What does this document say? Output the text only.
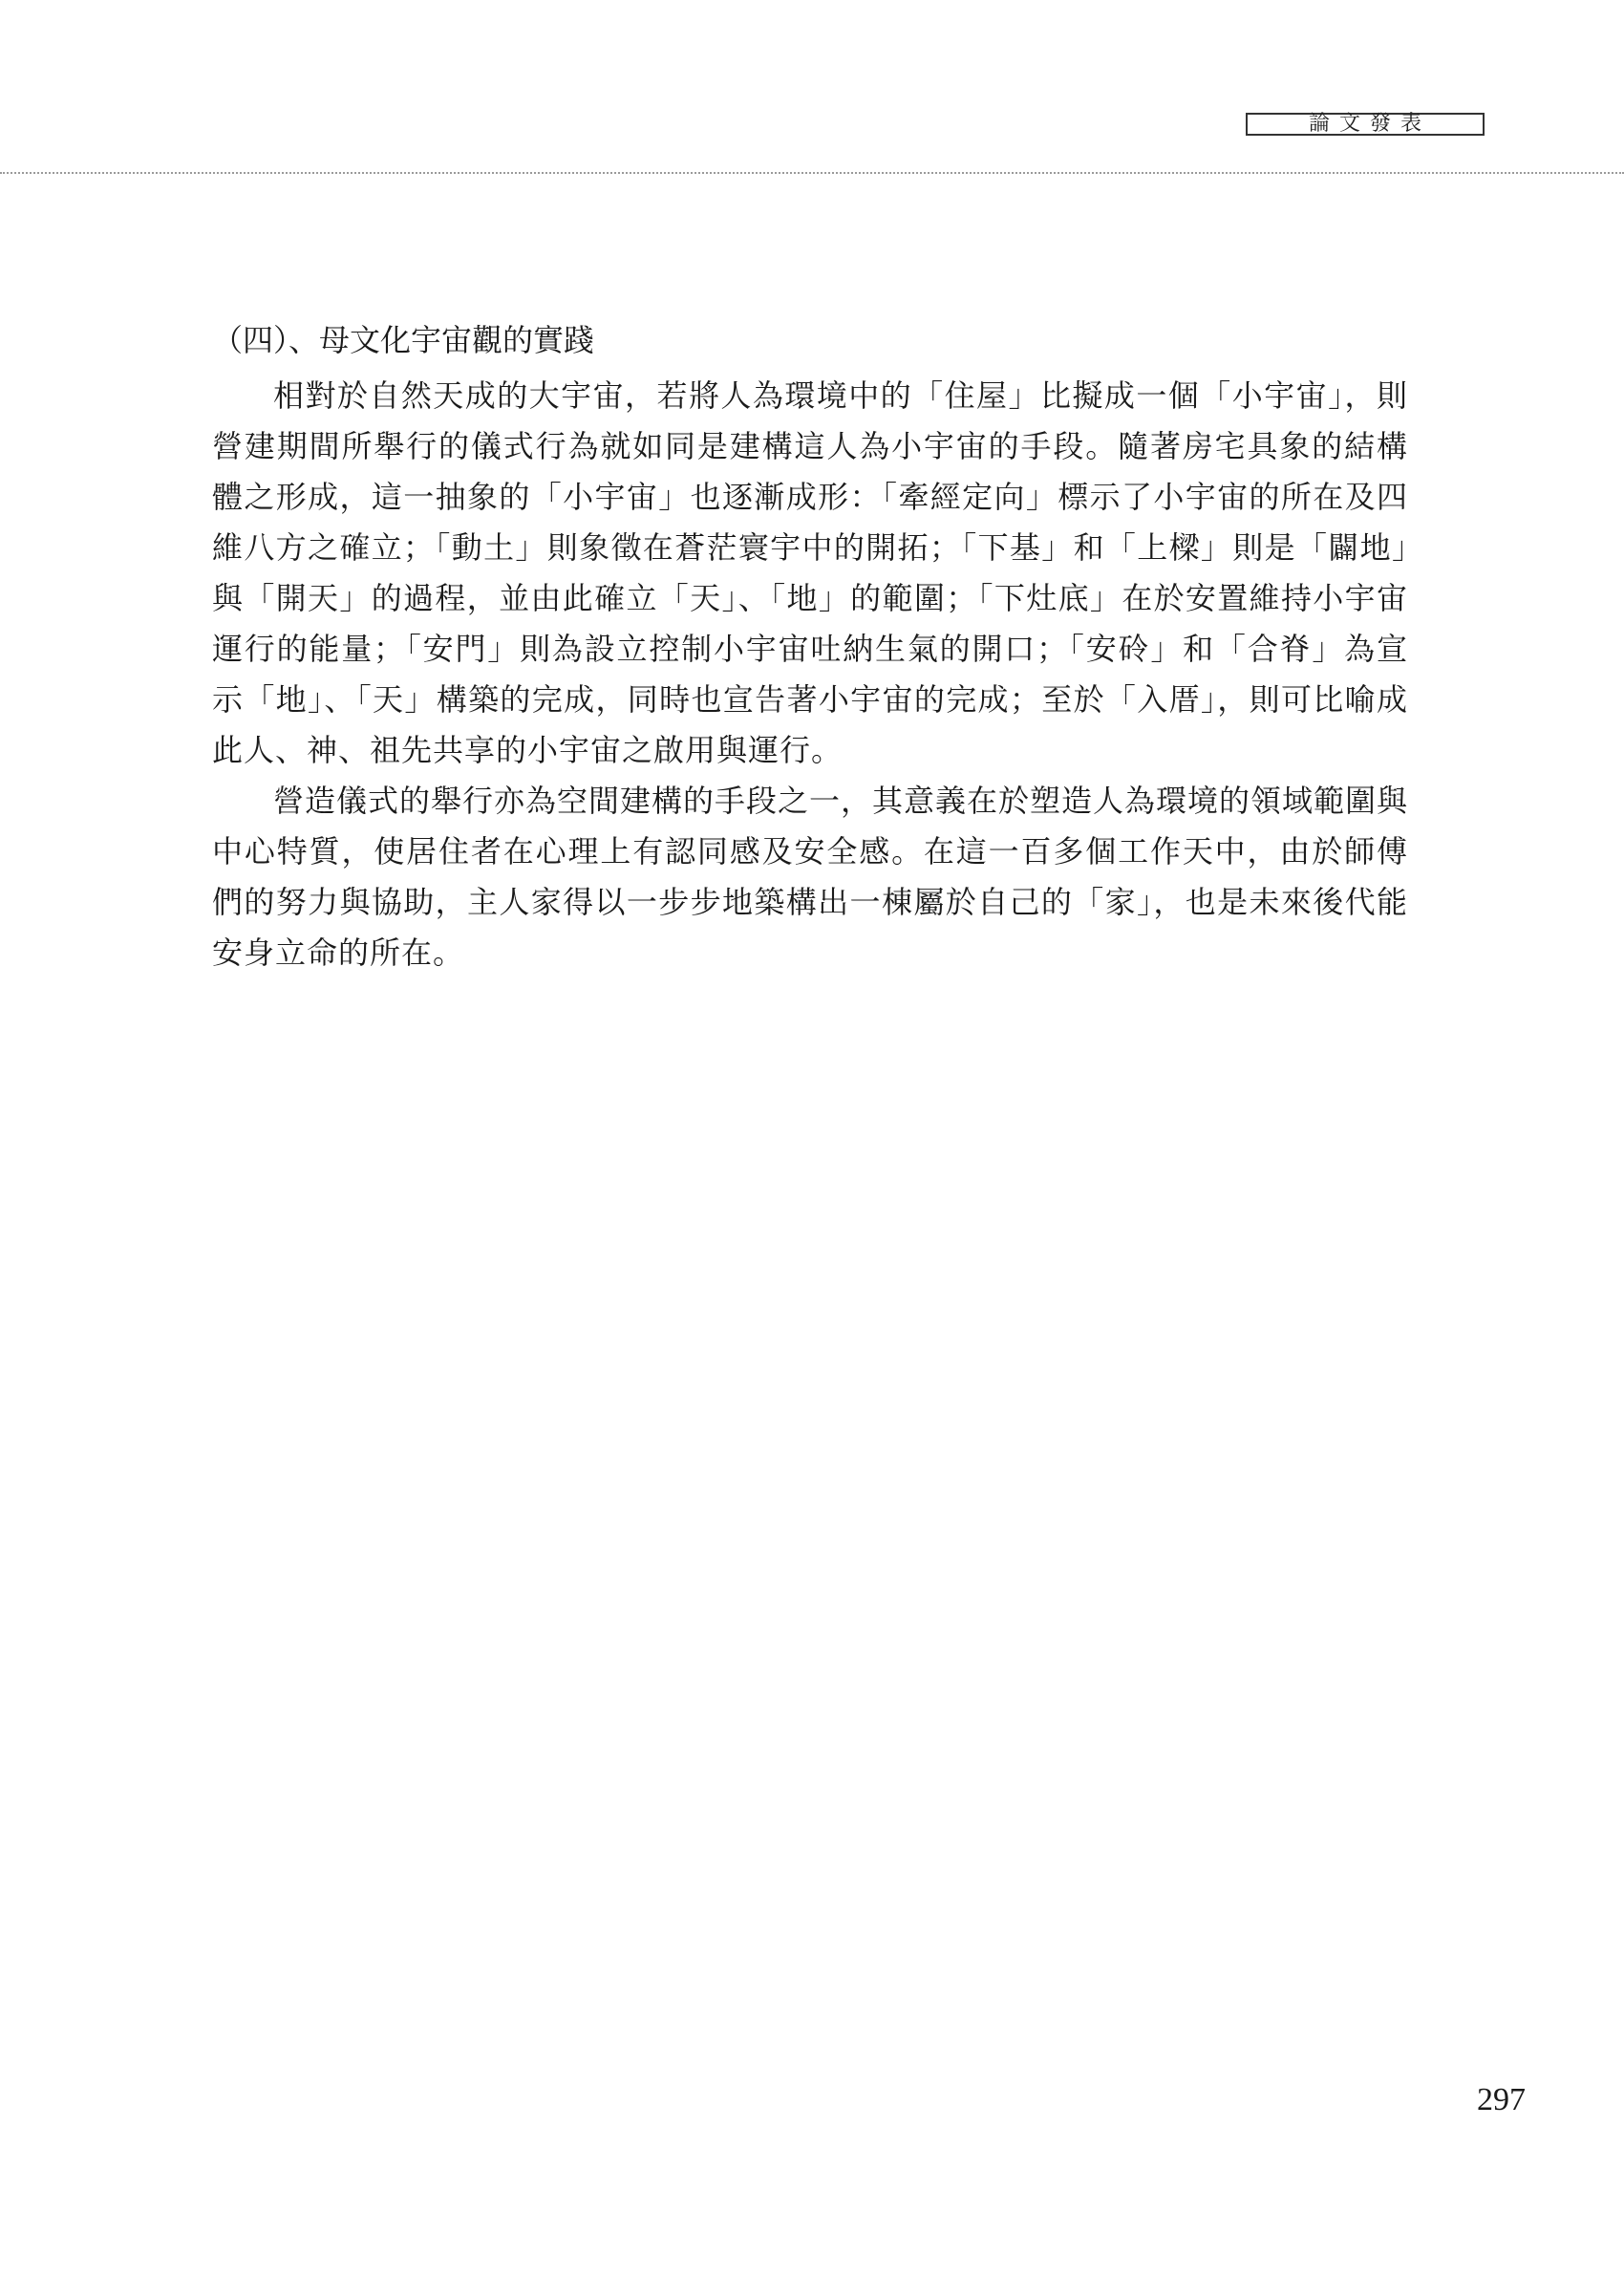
論文發表
（四）、母文化宇宙觀的實踐

相對於自然天成的大宇宙，若將人為環境中的「住屋」比擬成一個「小宇宙」，則營建期間所舉行的儀式行為就如同是建構這人為小宇宙的手段。隨著房宅具象的結構體之形成，這一抽象的「小宇宙」也逐漸成形：「牽經定向」標示了小宇宙的所在及四維八方之確立；「動土」則象徵在蒼茫寰宇中的開拓；「下基」和「上樑」則是「闢地」與「開天」的過程，並由此確立「天」、「地」的範圍；「下灶底」在於安置維持小宇宙運行的能量；「安門」則為設立控制小宇宙吐納生氣的開口；「安砱」和「合脊」為宣示「地」、「天」構築的完成，同時也宣告著小宇宙的完成；至於「入厝」，則可比喻成此人、神、祖先共享的小宇宙之啟用與運行。

營造儀式的舉行亦為空間建構的手段之一，其意義在於塑造人為環境的領域範圍與中心特質，使居住者在心理上有認同感及安全感。在這一百多個工作天中，由於師傅們的努力與協助，主人家得以一步步地築構出一棟屬於自己的「家」，也是未來後代能安身立命的所在。

297
